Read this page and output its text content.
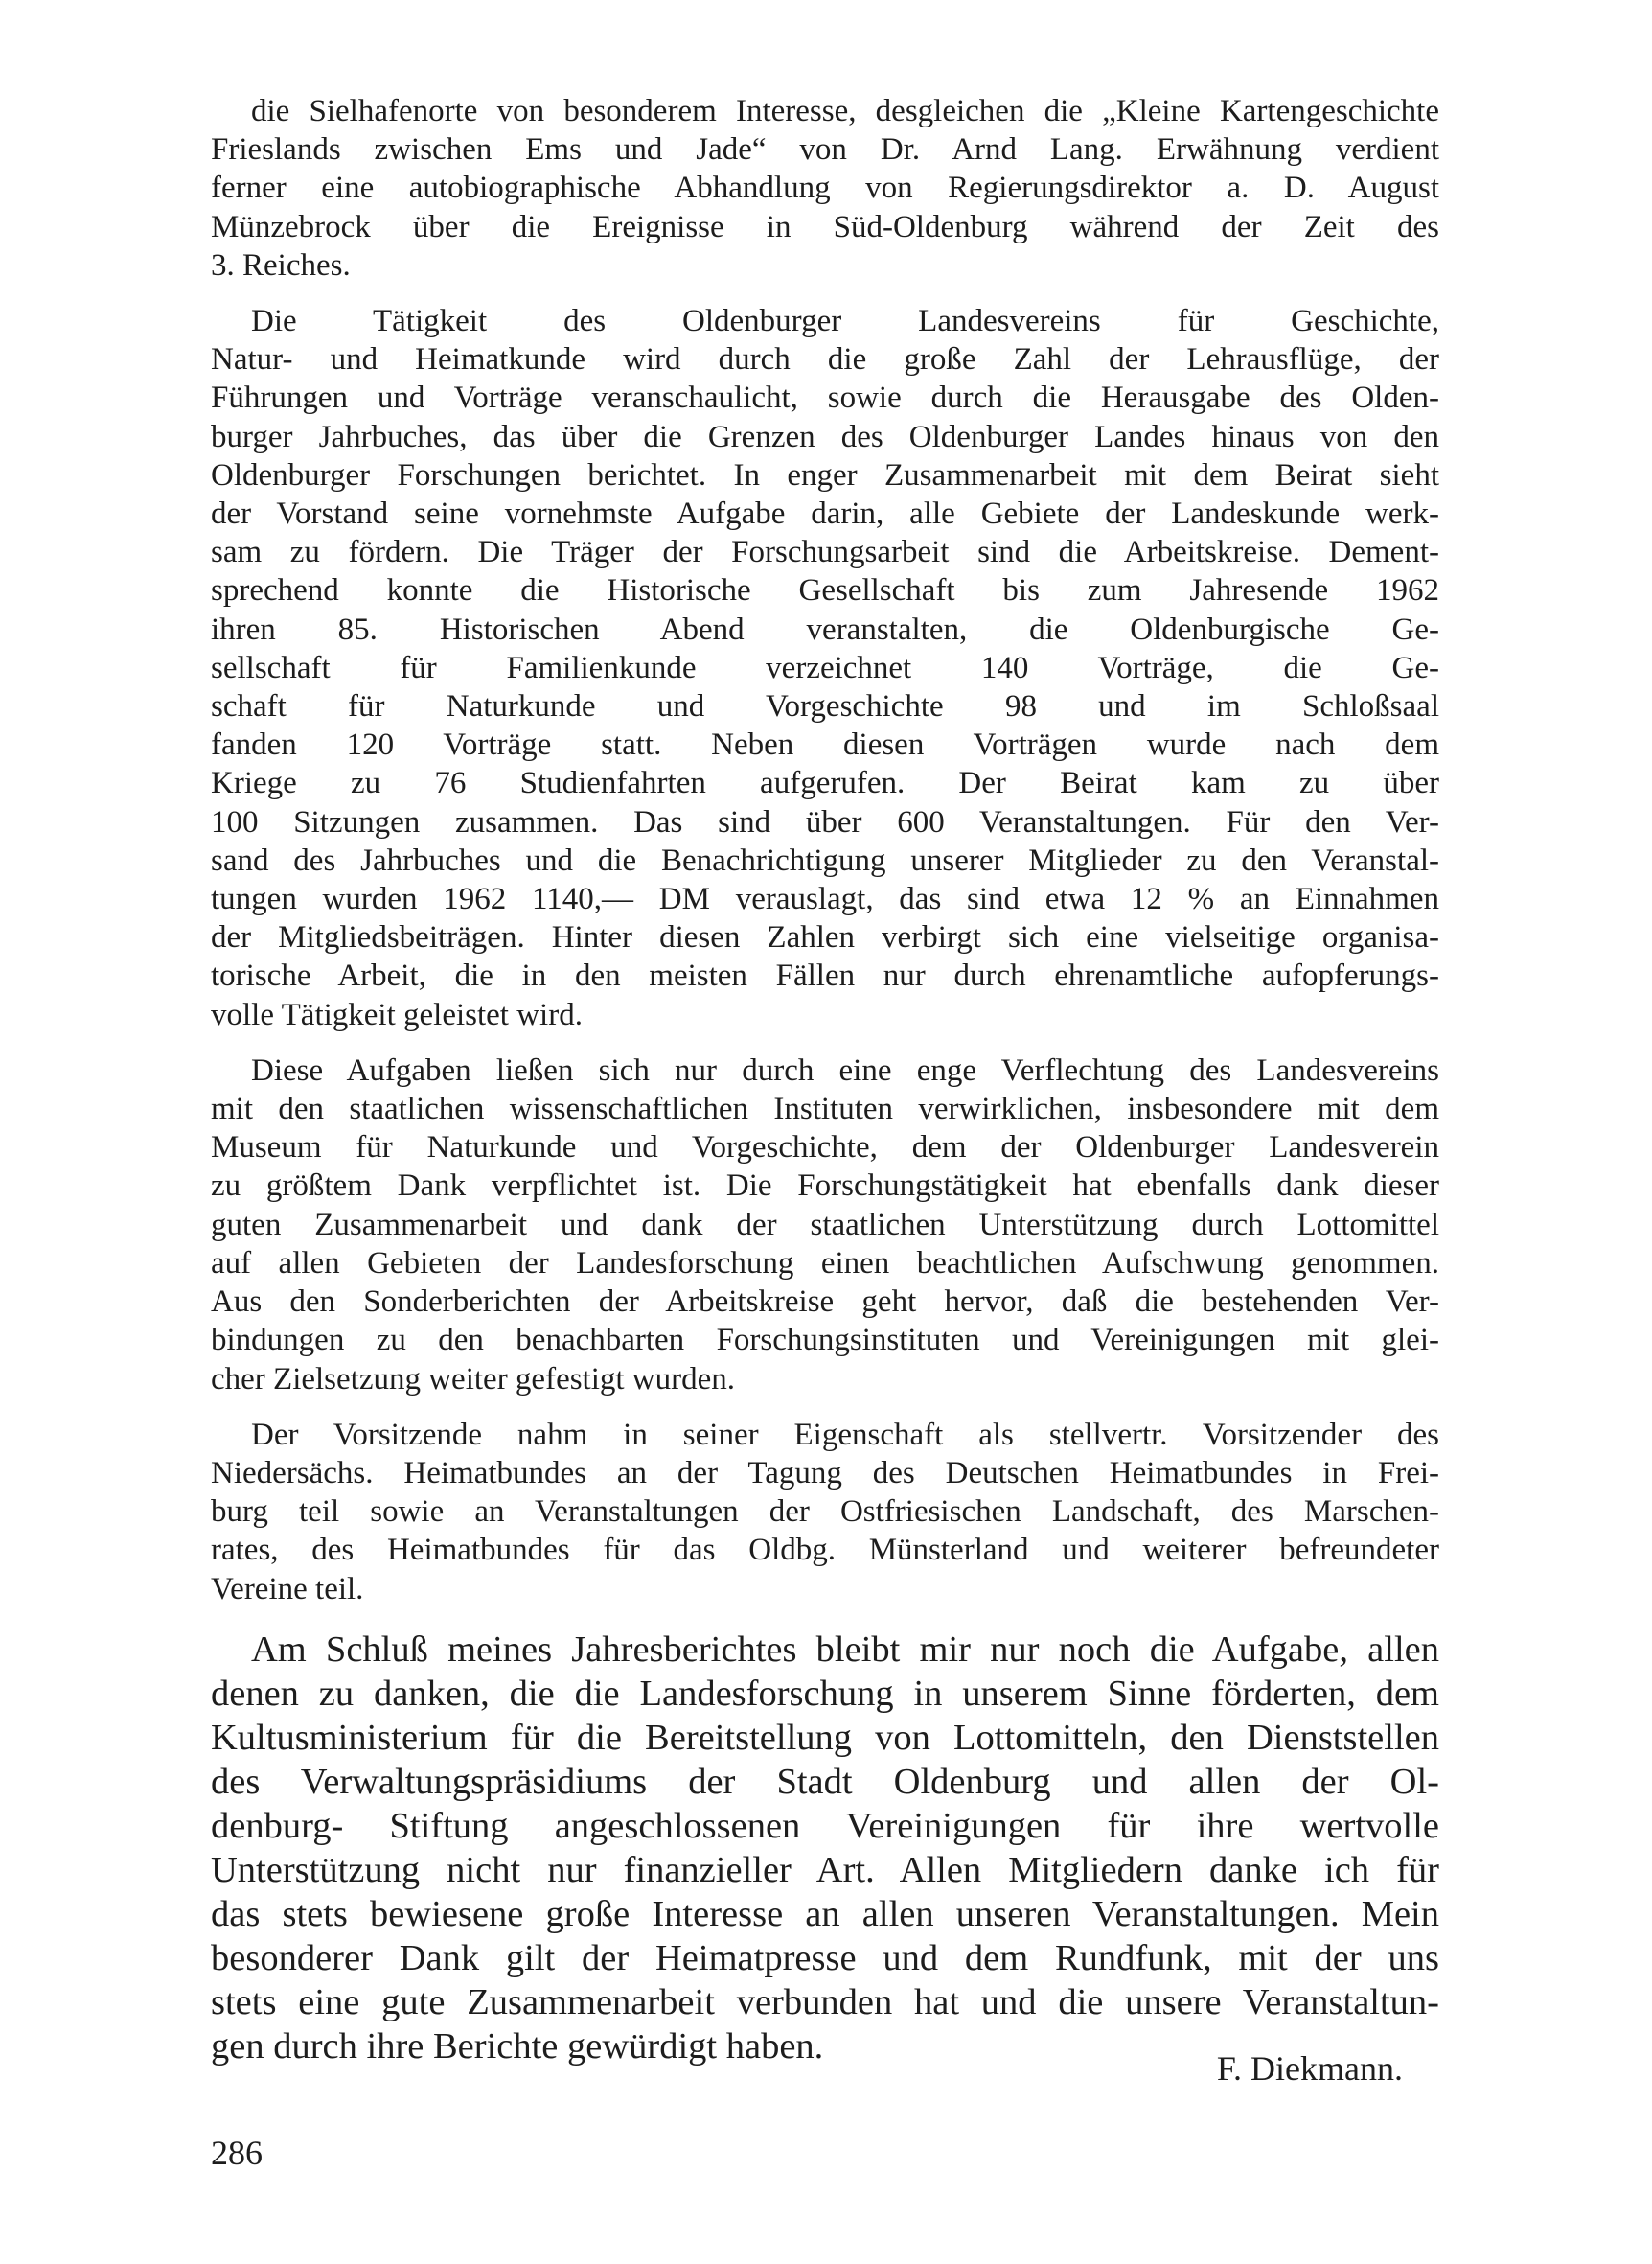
die Sielhafenorte von besonderem Interesse, desgleichen die „Kleine Kartengeschichte
Frieslands zwischen Ems und Jade“ von Dr. Arnd Lang. Erwähnung verdient
ferner eine autobiographische Abhandlung von Regierungsdirektor a. D. August
Münzebrock über die Ereignisse in Süd-Oldenburg während der Zeit des
3. Reiches.
Die Tätigkeit des Oldenburger Landesvereins für Geschichte,
Natur- und Heimatkunde wird durch die große Zahl der Lehrausflüge, der
Führungen und Vorträge veranschaulicht, sowie durch die Herausgabe des Olden-
burger Jahrbuches, das über die Grenzen des Oldenburger Landes hinaus von den
Oldenburger Forschungen berichtet. In enger Zusammenarbeit mit dem Beirat sieht
der Vorstand seine vornehmste Aufgabe darin, alle Gebiete der Landeskunde werk-
sam zu fördern. Die Träger der Forschungsarbeit sind die Arbeitskreise. Dement-
sprechend konnte die Historische Gesellschaft bis zum Jahresende 1962
ihren 85. Historischen Abend veranstalten, die Oldenburgische Ge-
sellschaft für Familienkunde verzeichnet 140 Vorträge, die Ge-
schaft für Naturkunde und Vorgeschichte 98 und im Schloßsaal
fanden 120 Vorträge statt. Neben diesen Vorträgen wurde nach dem
Kriege zu 76 Studienfahrten aufgerufen. Der Beirat kam zu über
100 Sitzungen zusammen. Das sind über 600 Veranstaltungen. Für den Ver-
sand des Jahrbuches und die Benachrichtigung unserer Mitglieder zu den Veranstal-
tungen wurden 1962 1140,— DM verauslagt, das sind etwa 12 % an Einnahmen
der Mitgliedsbeiträgen. Hinter diesen Zahlen verbirgt sich eine vielseitige organisa-
torische Arbeit, die in den meisten Fällen nur durch ehrenamtliche aufopferungs-
volle Tätigkeit geleistet wird.
Diese Aufgaben ließen sich nur durch eine enge Verflechtung des Landesvereins
mit den staatlichen wissenschaftlichen Instituten verwirklichen, insbesondere mit dem
Museum für Naturkunde und Vorgeschichte, dem der Oldenburger Landesverein
zu größtem Dank verpflichtet ist. Die Forschungstätigkeit hat ebenfalls dank dieser
guten Zusammenarbeit und dank der staatlichen Unterstützung durch Lottomittel
auf allen Gebieten der Landesforschung einen beachtlichen Aufschwung genommen.
Aus den Sonderberichten der Arbeitskreise geht hervor, daß die bestehenden Ver-
bindungen zu den benachbarten Forschungsinstituten und Vereinigungen mit glei-
cher Zielsetzung weiter gefestigt wurden.
Der Vorsitzende nahm in seiner Eigenschaft als stellvertr. Vorsitzender des
Niedersächs. Heimatbundes an der Tagung des Deutschen Heimatbundes in Frei-
burg teil sowie an Veranstaltungen der Ostfriesischen Landschaft, des Marschen-
rates, des Heimatbundes für das Oldbg. Münsterland und weiterer befreundeter
Vereine teil.
Am Schluß meines Jahresberichtes bleibt mir nur noch die Aufgabe, allen
denen zu danken, die die Landesforschung in unserem Sinne förderten, dem
Kultusministerium für die Bereitstellung von Lottomitteln, den Dienststellen
des Verwaltungspräsidiums der Stadt Oldenburg und allen der Ol-
denburg- Stiftung angeschlossenen Vereinigungen für ihre wertvolle
Unterstützung nicht nur finanzieller Art. Allen Mitgliedern danke ich für
das stets bewiesene große Interesse an allen unseren Veranstaltungen. Mein
besonderer Dank gilt der Heimatpresse und dem Rundfunk, mit der uns
stets eine gute Zusammenarbeit verbunden hat und die unsere Veranstaltun-
gen durch ihre Berichte gewürdigt haben.
F. Diekmann.
286
